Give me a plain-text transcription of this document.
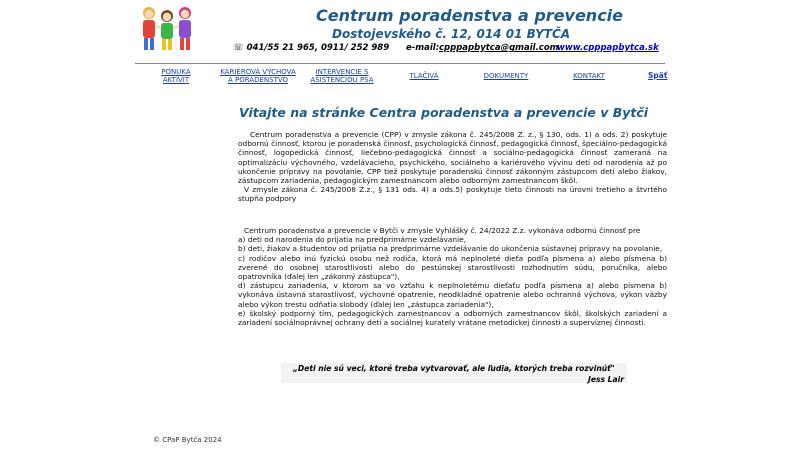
Centrum poradenstva a prevencie
Dostojevského č. 12, 014 01 BYTČA
☏ 041/55 21 965, 0911/ 252 989 e-mail: cpppapbytca@gmail.com
www.cpppapbytca.sk
PONUKA
AKTIVÍT
KARIÉROVÁ VÝCHOVA
A PORADENSTVO
INTERVENCIE S
ASISTENCIOU PSA	TLAČIVÁ	DOKUMENTY	KONTAKT	Späť
Vitajte na stránke Centra poradenstva a prevencie v Bytči

Centrum poradenstva a prevencie (CPP) v zmysle zákona č. 245/2008 Z. z., § 130, ods. 1) a ods. 2) poskytuje odbornú činnosť, ktorou je poradenská činnosť, psychologická činnosť, pedagogická činnosť, špeciálno-pedagogická činnosť, logopedická činnosť, liečebno-pedagogická činnosť a sociálno-pedagogická činnosť zameraná na optimalizáciu výchovného, vzdelávacieho, psychického, sociálneho a kariérového vývinu detí od narodenia až po ukončenie prípravy na povolanie. CPP tiež poskytuje poradenskú činnosť zákonným zástupcom detí alebo žiakov, zástupcom zariadenia, pedagogickým zamestnancom alebo odborným zamestnancom škôl.

V zmysle zákona č. 245/2008 Z.z., § 131 ods. 4) a ods.5) poskytuje tieto činnosti na úrovni tretieho a štvrtého stupňa podpory

Centrum poradenstva a prevencie v Bytči v zmysle Vyhlášky č. 24/2022 Z.z. vykonáva odbornú činnosť pre

a) deti od narodenia do prijatia na predprimárne vzdelávanie,

b) deti, žiakov a študentov od prijatia na predprimárne vzdelávanie do ukončenia sústavnej prípravy na povolanie,

c) rodičov alebo inú fyzickú osobu než rodiča, ktorá má neplnoleté dieťa podľa písmena a) alebo písmena b) zverené do osobnej starostlivosti alebo do pestúnskej starostlivosti rozhodnutím súdu, poručníka, alebo opatrovníka (ďalej len „zákonný zástupca"),

d) zástupcu zariadenia, v ktorom sa vo vzťahu k neplnoletému dieťaťu podľa písmena a) alebo písmena b) vykonáva ústavná starostlivosť, výchovné opatrenie, neodkladné opatrenie alebo ochranná výchova, výkon väzby alebo výkon trestu odňatia slobody (ďalej len „zástupca zariadenia"),

e) školský podporný tím, pedagogických zamestnancov a odborných zamestnancov škôl, školských zariadení a zariadení sociálnoprávnej ochrany detí a sociálnej kurately vrátane metodickej činnosti a supervíznej činnosti.

„Deti nie sú veci, ktoré treba vytvarovať, ale ľudia, ktorých treba rozvinúť"
Jess Lair
© CPaP Bytča 2024
